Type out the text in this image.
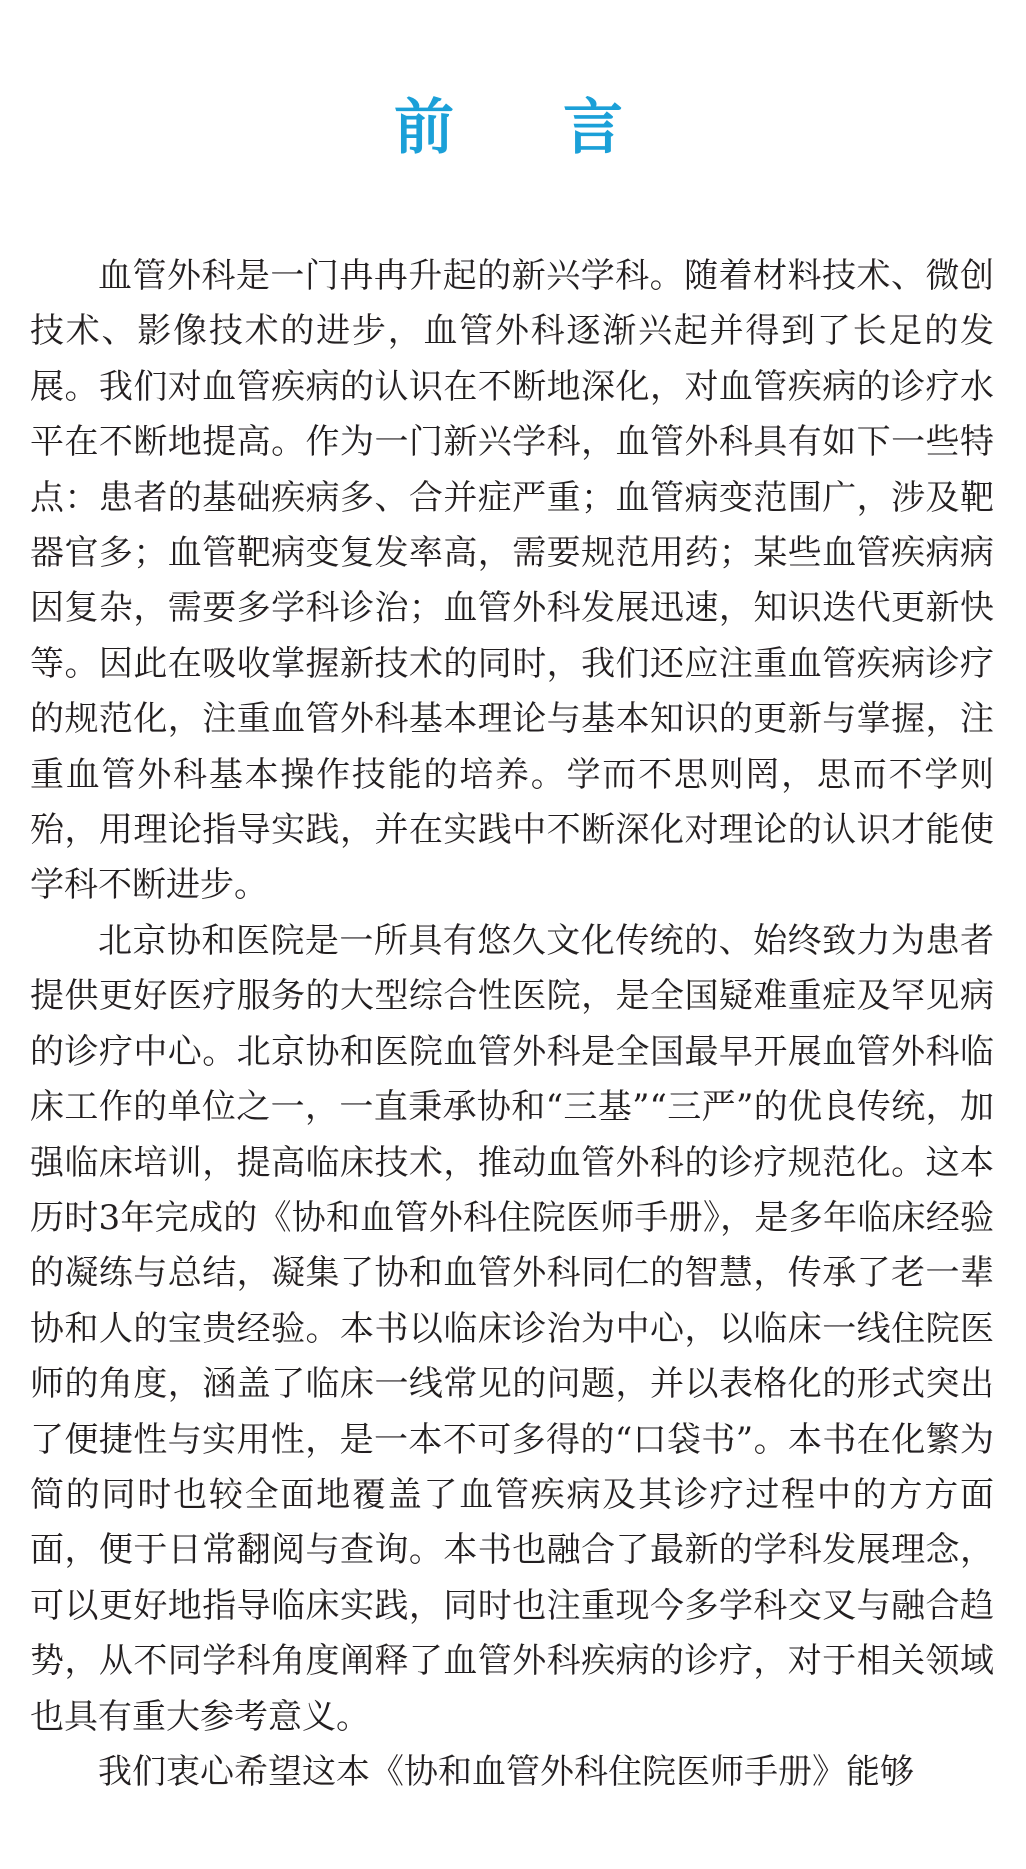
前 言

血管外科是一门冉冉升起的新兴学科。随着材料技术、微创技术、影像技术的进步，血管外科逐渐兴起并得到了长足的发展。我们对血管疾病的认识在不断地深化，对血管疾病的诊疗水平在不断地提高。作为一门新兴学科，血管外科具有如下一些特点：患者的基础疾病多、合并症严重；血管病变范围广，涉及靶器官多；血管靶病变复发率高，需要规范用药；某些血管疾病病因复杂，需要多学科诊治；血管外科发展迅速，知识迭代更新快等。因此在吸收掌握新技术的同时，我们还应注重血管疾病诊疗的规范化，注重血管外科基本理论与基本知识的更新与掌握，注重血管外科基本操作技能的培养。学而不思则罔，思而不学则殆，用理论指导实践，并在实践中不断深化对理论的认识才能使学科不断进步。

北京协和医院是一所具有悠久文化传统的、始终致力为患者提供更好医疗服务的大型综合性医院，是全国疑难重症及罕见病的诊疗中心。北京协和医院血管外科是全国最早开展血管外科临床工作的单位之一，一直秉承协和“三基”“三严”的优良传统，加强临床培训，提高临床技术，推动血管外科的诊疗规范化。这本历时3年完成的《协和血管外科住院医师手册》，是多年临床经验的凝练与总结，凝集了协和血管外科同仁的智慧，传承了老一辈协和人的宝贵经验。本书以临床诊治为中心，以临床一线住院医师的角度，涵盖了临床一线常见的问题，并以表格化的形式突出了便捷性与实用性，是一本不可多得的“口袋书”。本书在化繁为简的同时也较全面地覆盖了血管疾病及其诊疗过程中的方方面面，便于日常翻阅与查询。本书也融合了最新的学科发展理念，可以更好地指导临床实践，同时也注重现今多学科交叉与融合趋势，从不同学科角度阐释了血管外科疾病的诊疗，对于相关领域也具有重大参考意义。

我们衷心希望这本《协和血管外科住院医师手册》能够
